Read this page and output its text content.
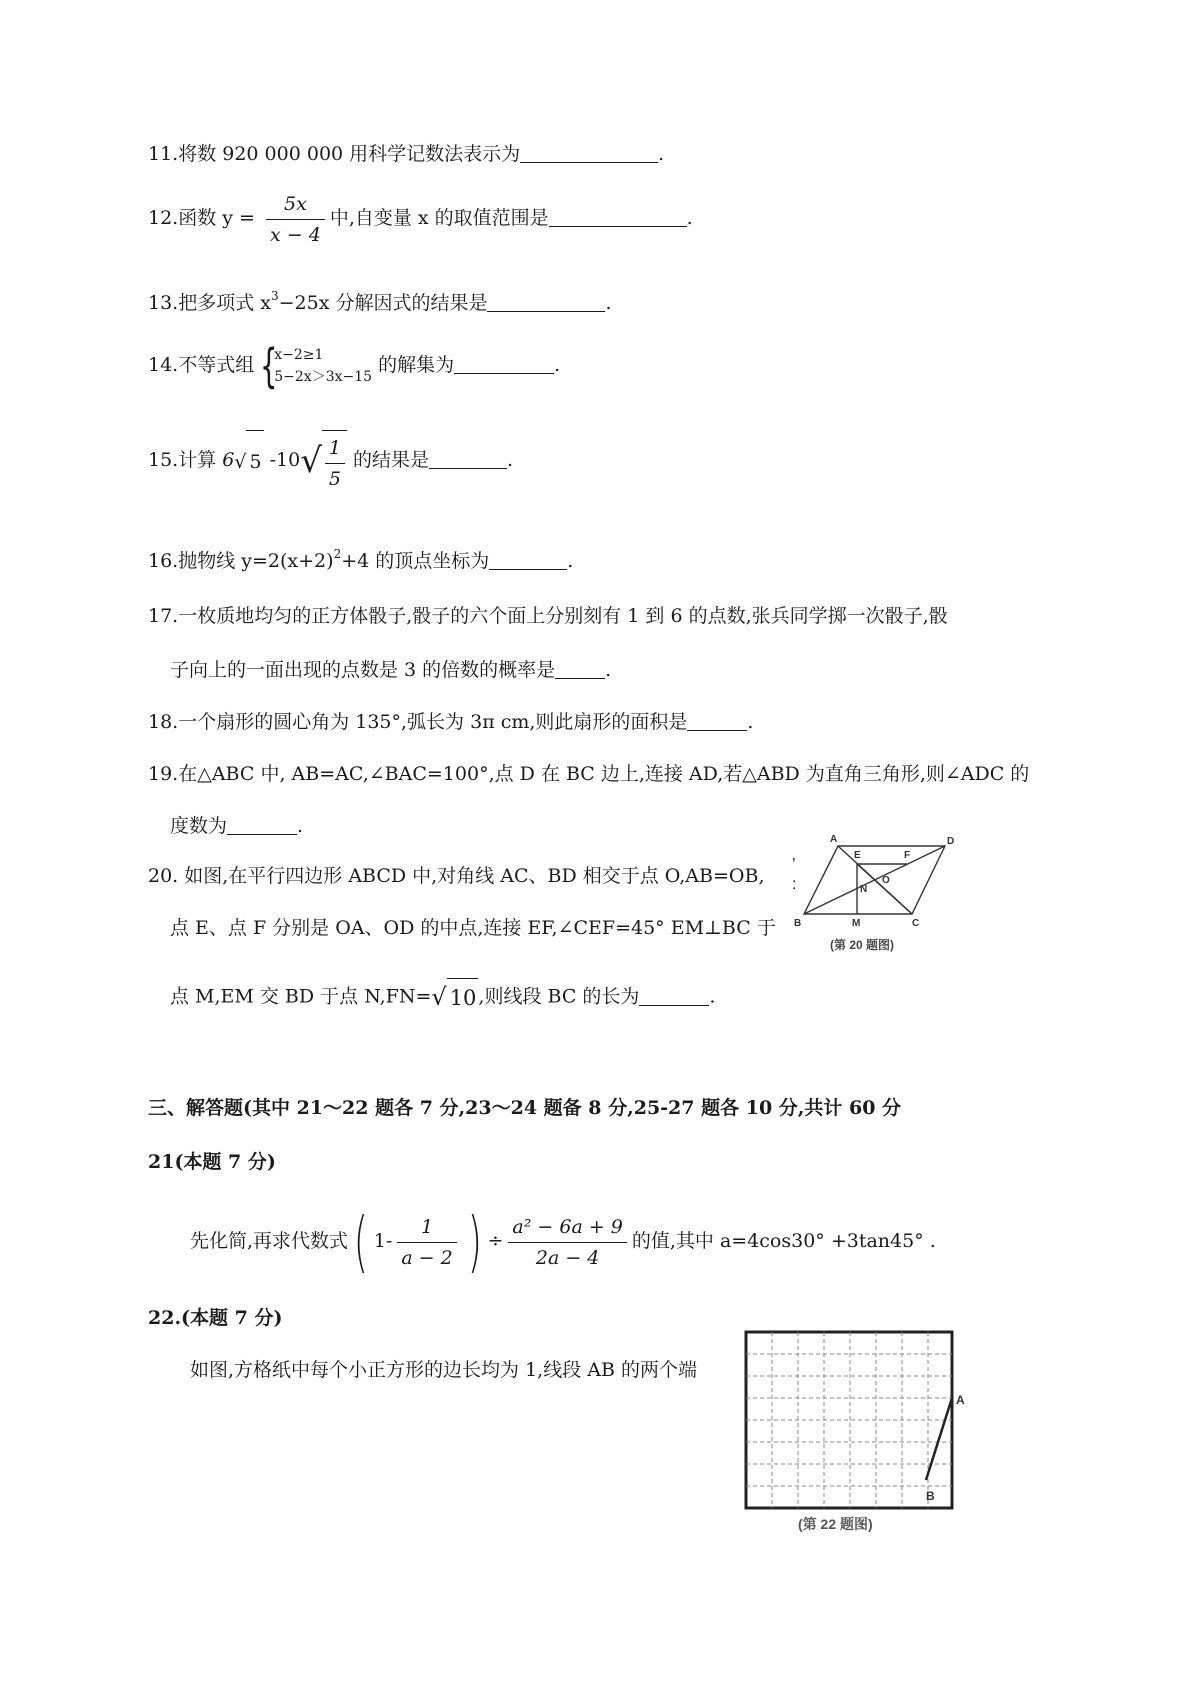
11.将数 920 000 000 用科学记数法表示为	.
12.函数 $y = \frac{5x}{x - 4}$ 中,自变量 x 的取值范围是	.
13.把多项式 $x^3-25x$ 分解因式的结果是	.
14.不等式组 {
x−2≥1
5−2x＞3x−15
的解集为	.
15.计算 6√ 5 $-10√ \frac{1}{5}$ 的结果是	.
16.抛物线 $y=2(x+2)^2+4$ 的顶点坐标为	.
17.一枚质地均匀的正方体骰子,骰子的六个面上分别刻有 1 到 6 的点数,张兵同学掷一次骰子,骰
子向上的一面出现的点数是 3 的倍数的概率是	.
18.一个扇形的圆心角为 135°,弧长为 3π cm,则此扇形的面积是	.
19.在△ABC 中, AB=AC,∠BAC=100°,点 D 在 BC 边上,连接 AD,若△ABD 为直角三角形,则∠ADC 的
度数为	.
20. 如图,在平行四边形 ABCD 中,对角线 AC、BD 相交于点 O,AB=OB,
点 E、点 F 分别是 OA、OD 的中点,连接 EF,∠CEF=45° EM⊥BC 于
点 M,EM 交 BD 于点 N,FN=√ 10 ,则线段 BC 的长为	.
’
:
A	D
E	F
O
N
B	M	C
(第 20 题图)
三、解答题(其中 21～22 题各 7 分,23～24 题备 8 分,25-27 题各 10 分,共计 60 分
21(本题 7 分)
先化简,再求代数式( $1- \frac{1}{a - 2}$ ) ÷ $\frac{\text{a² − 6a + 9}}{2a - 4}$ 的值,其中 a=4cos30° +3tan45° .
22.(本题 7 分)
如图,方格纸中每个小正方形的边长均为 1,线段 AB 的两个端
A
B
(第 22 题图)
